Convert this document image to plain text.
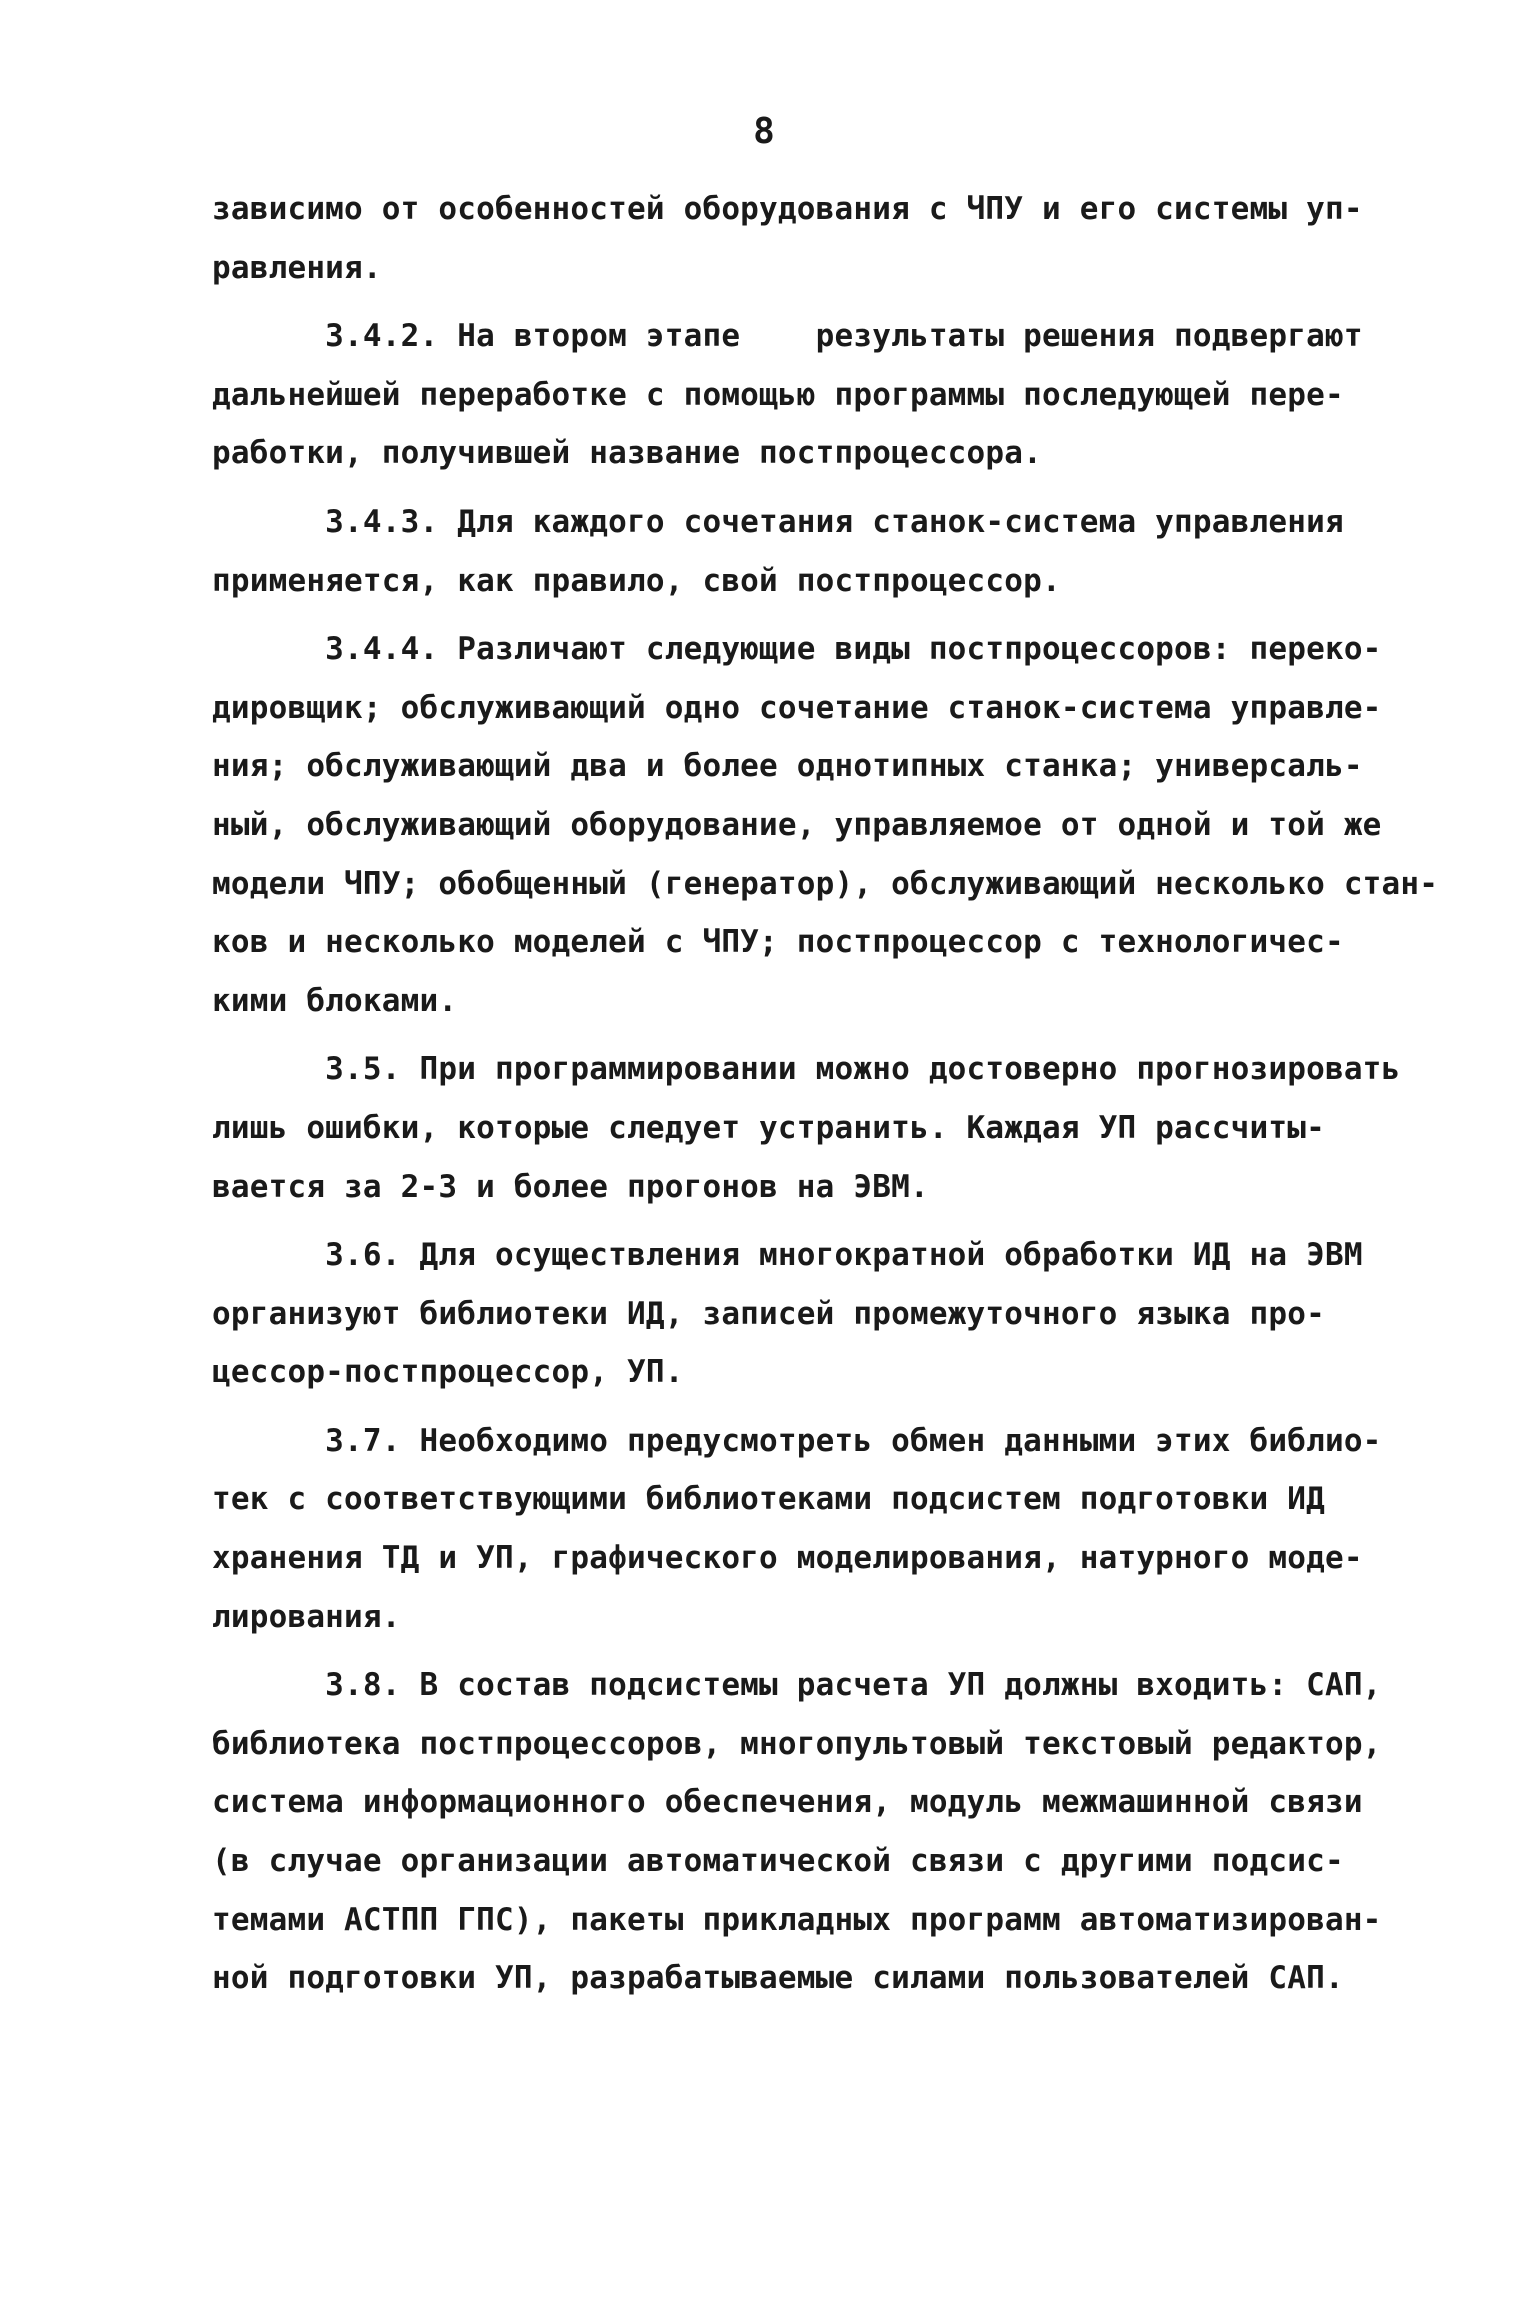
8
зависимо от особенностей оборудования с ЧПУ и его системы уп-
равления.
3.4.2. На втором этапе    результаты решения подвергают
дальнейшей переработке с помощью программы последующей пере-
работки, получившей название постпроцессора.
3.4.3. Для каждого сочетания станок-система управления
применяется, как правило, свой постпроцессор.
3.4.4. Различают следующие виды постпроцессоров: переко-
дировщик; обслуживающий одно сочетание станок-система управле-
ния; обслуживающий два и более однотипных станка; универсаль-
ный, обслуживающий оборудование, управляемое от одной и той же
модели ЧПУ; обобщенный (генератор), обслуживающий несколько стан-
ков и несколько моделей с ЧПУ; постпроцессор с технологичес-
кими блоками.
3.5. При программировании можно достоверно прогнозировать
лишь ошибки, которые следует устранить. Каждая УП рассчиты-
вается за 2-3 и более прогонов на ЭВМ.
3.6. Для осуществления многократной обработки ИД на ЭВМ
организуют библиотеки ИД, записей промежуточного языка про-
цессор-постпроцессор, УП.
3.7. Необходимо предусмотреть обмен данными этих библио-
тек с соответствующими библиотеками подсистем подготовки ИД
хранения ТД и УП, графического моделирования, натурного моде-
лирования.
3.8. В состав подсистемы расчета УП должны входить: САП,
библиотека постпроцессоров, многопультовый текстовый редактор,
система информационного обеспечения, модуль межмашинной связи
(в случае организации автоматической связи с другими подсис-
темами АСТПП ГПС), пакеты прикладных программ автоматизирован-
ной подготовки УП, разрабатываемые силами пользователей САП.
